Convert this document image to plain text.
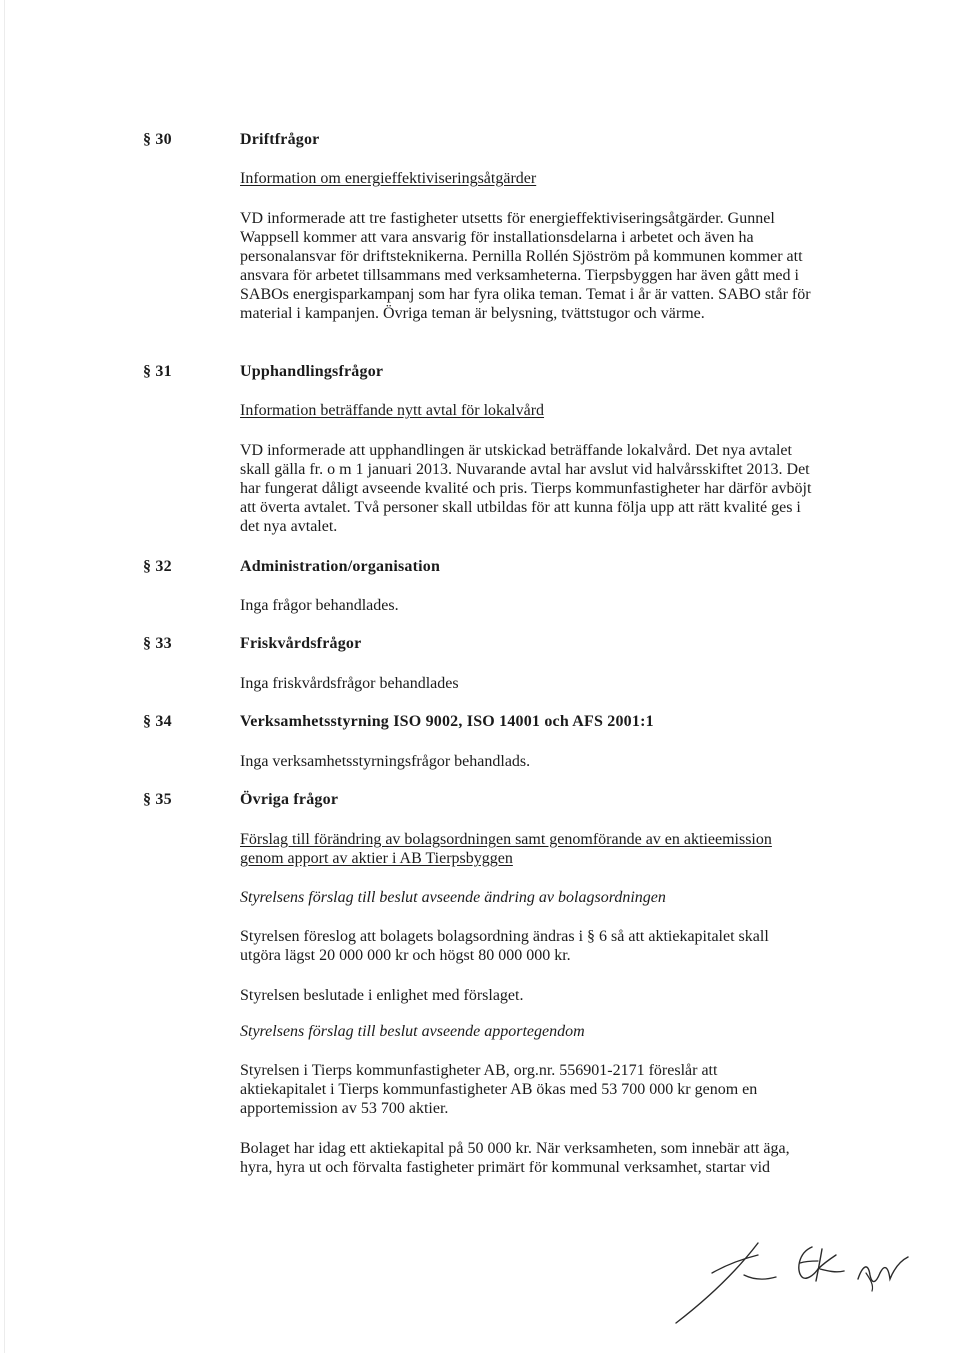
§ 30	Driftfrågor
Information om energieffektiviseringsåtgärder

VD informerade att tre fastigheter utsetts för energieffektiviseringsåtgärder. Gunnel Wappsell kommer att vara ansvarig för installationsdelarna i arbetet och även ha personalansvar för driftsteknikerna. Pernilla Rollén Sjöström på kommunen kommer att ansvara för arbetet tillsammans med verksamheterna. Tierpsbyggen har även gått med i SABOs energisparkampanj som har fyra olika teman. Temat i år är vatten. SABO står för material i kampanjen. Övriga teman är belysning, tvättstugor och värme.

§ 31	Upphandlingsfrågor
Information beträffande nytt avtal för lokalvård

VD informerade att upphandlingen är utskickad beträffande lokalvård. Det nya avtalet skall gälla fr. o m 1 januari 2013. Nuvarande avtal har avslut vid halvårsskiftet 2013. Det har fungerat dåligt avseende kvalité och pris. Tierps kommunfastigheter har därför avböjt att överta avtalet. Två personer skall utbildas för att kunna följa upp att rätt kvalité ges i det nya avtalet.

§ 32	Administration/organisation

Inga frågor behandlades.

§ 33	Friskvårdsfrågor

Inga friskvårdsfrågor behandlades

§ 34	Verksamhetsstyrning ISO 9002, ISO 14001 och AFS 2001:1

Inga verksamhetsstyrningsfrågor behandlads.

§ 35	Övriga frågor
Förslag till förändring av bolagsordningen samt genomförande av en aktieemission genom apport av aktier i AB Tierpsbyggen

Styrelsens förslag till beslut avseende ändring av bolagsordningen

Styrelsen föreslog att bolagets bolagsordning ändras i § 6 så att aktiekapitalet skall utgöra lägst 20 000 000 kr och högst 80 000 000 kr.

Styrelsen beslutade i enlighet med förslaget.

Styrelsens förslag till beslut avseende apportegendom

Styrelsen i Tierps kommunfastigheter AB, org.nr. 556901-2171 föreslår att aktiekapitalet i Tierps kommunfastigheter AB ökas med 53 700 000 kr genom en apportemission av 53 700 aktier.

Bolaget har idag ett aktiekapital på 50 000 kr. När verksamheten, som innebär att äga, hyra, hyra ut och förvalta fastigheter primärt för kommunal verksamhet, startar vid
